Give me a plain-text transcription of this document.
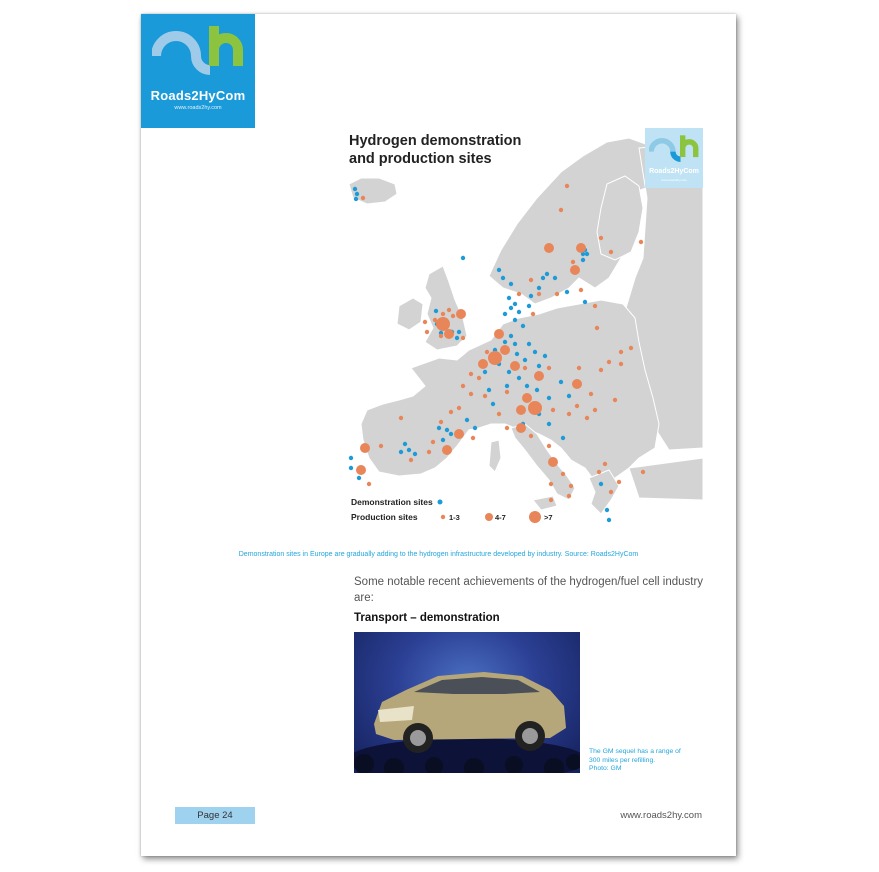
Roads2HyCom
www.roads2hy.com
Hydrogen demonstration
and production sites
Roads2HyCom
www.roads2hy.com
Demonstration sites
Production sites	1-3	4-7	>7
Demonstration sites in Europe are gradually adding to the hydrogen infrastructure developed by industry. Source: Roads2HyCom
Some notable recent achievements of the hydrogen/fuel cell industry are:
Transport – demonstration
The GM sequel has a range of
300 miles per refilling.
Photo: GM
Page 24	www.roads2hy.com
